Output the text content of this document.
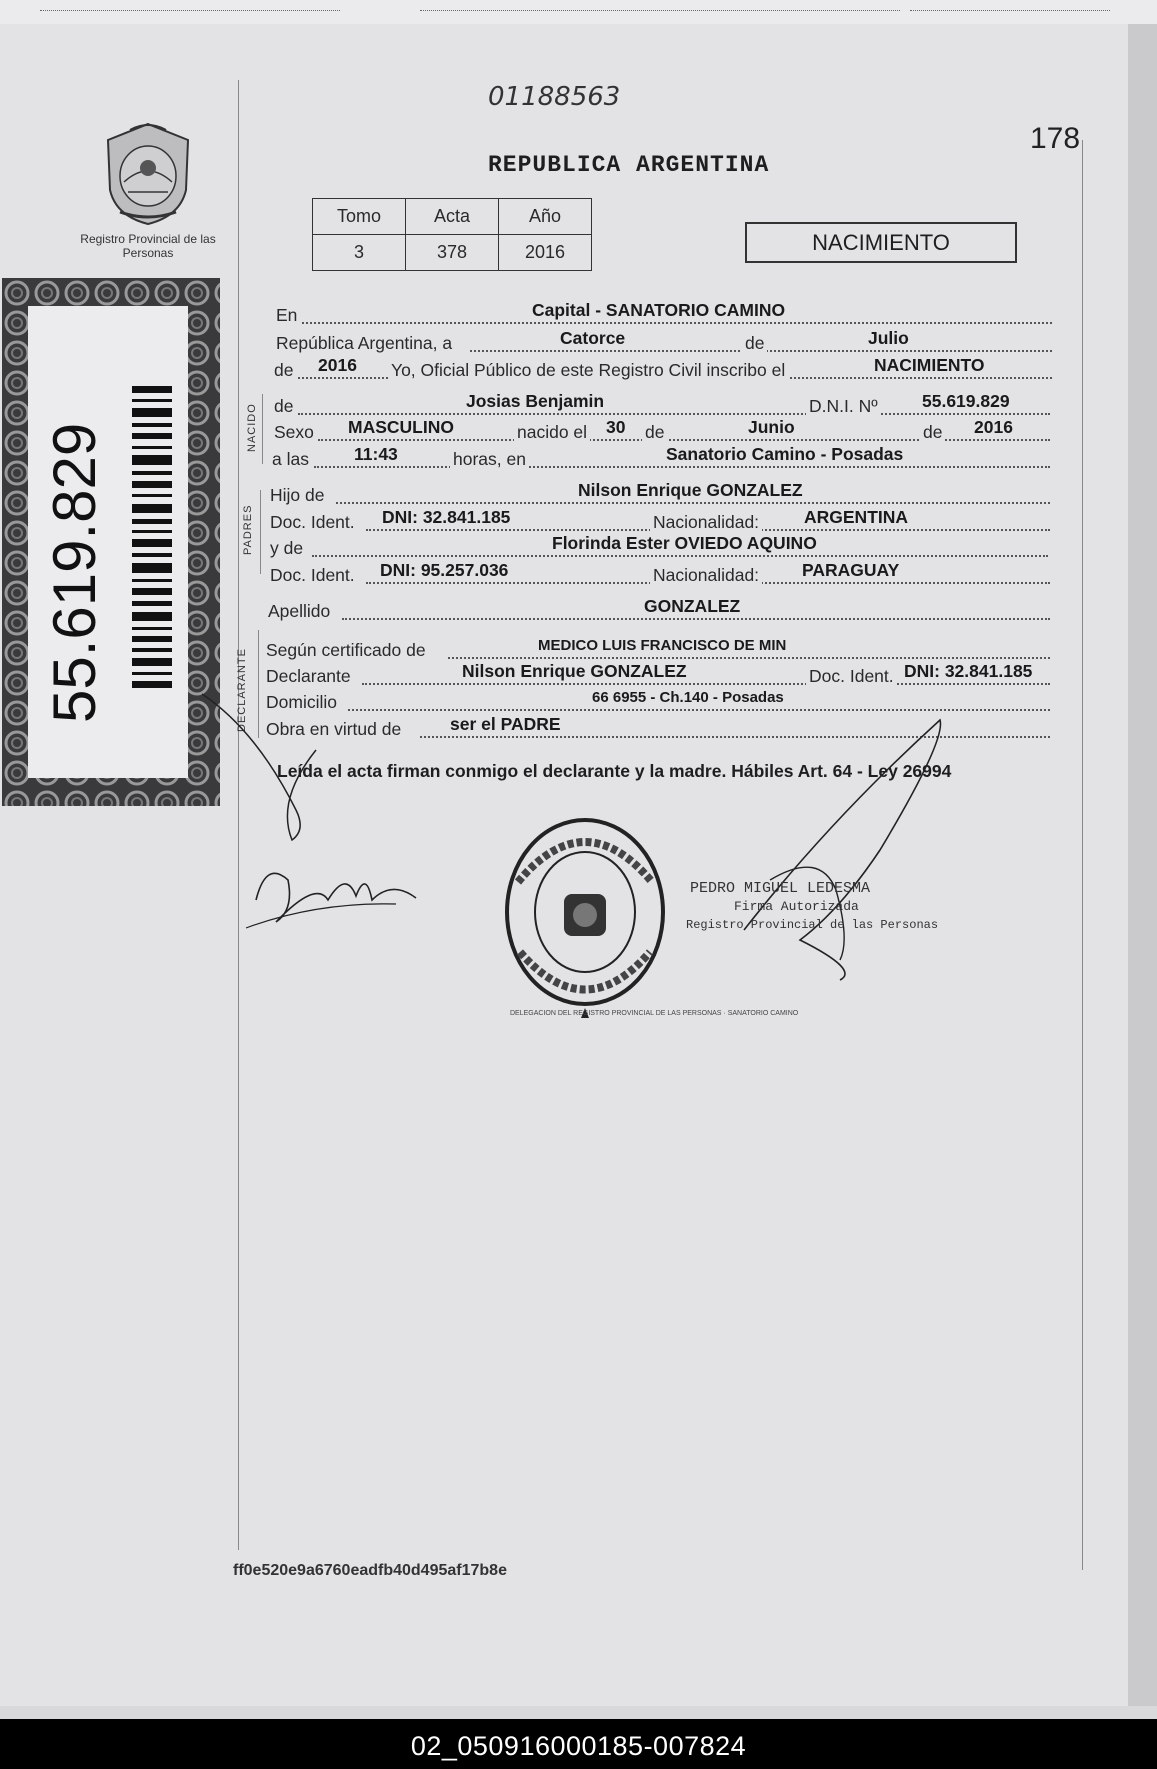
01188563
178
REPUBLICA ARGENTINA
Registro Provincial de las Personas
55.619.829
Tomo	Acta	Año
3	378	2016	NACIMIENTO
NACIDO
PADRES
DECLARANTE
En	Capital - SANATORIO CAMINO
República Argentina, a	Catorce	de	Julio
de 2016 Yo, Oficial Público de este Registro Civil inscribo el	NACIMIENTO
de	Josias Benjamin	D.N.I. Nº	55.619.829
Sexo MASCULINO	nacido el 30 de	Junio	de 2016
a las	11:43	horas, en	Sanatorio Camino - Posadas
Hijo de	Nilson Enrique GONZALEZ
Doc. Ident. DNI: 32.841.185	Nacionalidad:	ARGENTINA
y de	Florinda Ester OVIEDO AQUINO
Doc. Ident. DNI: 95.257.036	Nacionalidad: PARAGUAY
Apellido	GONZALEZ
Según certificado de	MEDICO LUIS FRANCISCO DE MIN
Declarante	Nilson Enrique GONZALEZ	Doc. Ident. DNI: 32.841.185
Domicilio	66 6955 - Ch.140 - Posadas
Obra en virtud de	ser el PADRE
Leída el acta firman conmigo el declarante y la madre. Hábiles Art. 64 - Ley 26994
DELEGACION DEL REGISTRO PROVINCIAL DE LAS PERSONAS · SANATORIO CAMINO
PEDRO MIGUEL LEDESMA
Firma Autorizada
Registro Provincial de las Personas
ff0e520e9a6760eadfb40d495af17b8e
02_050916000185-007824
